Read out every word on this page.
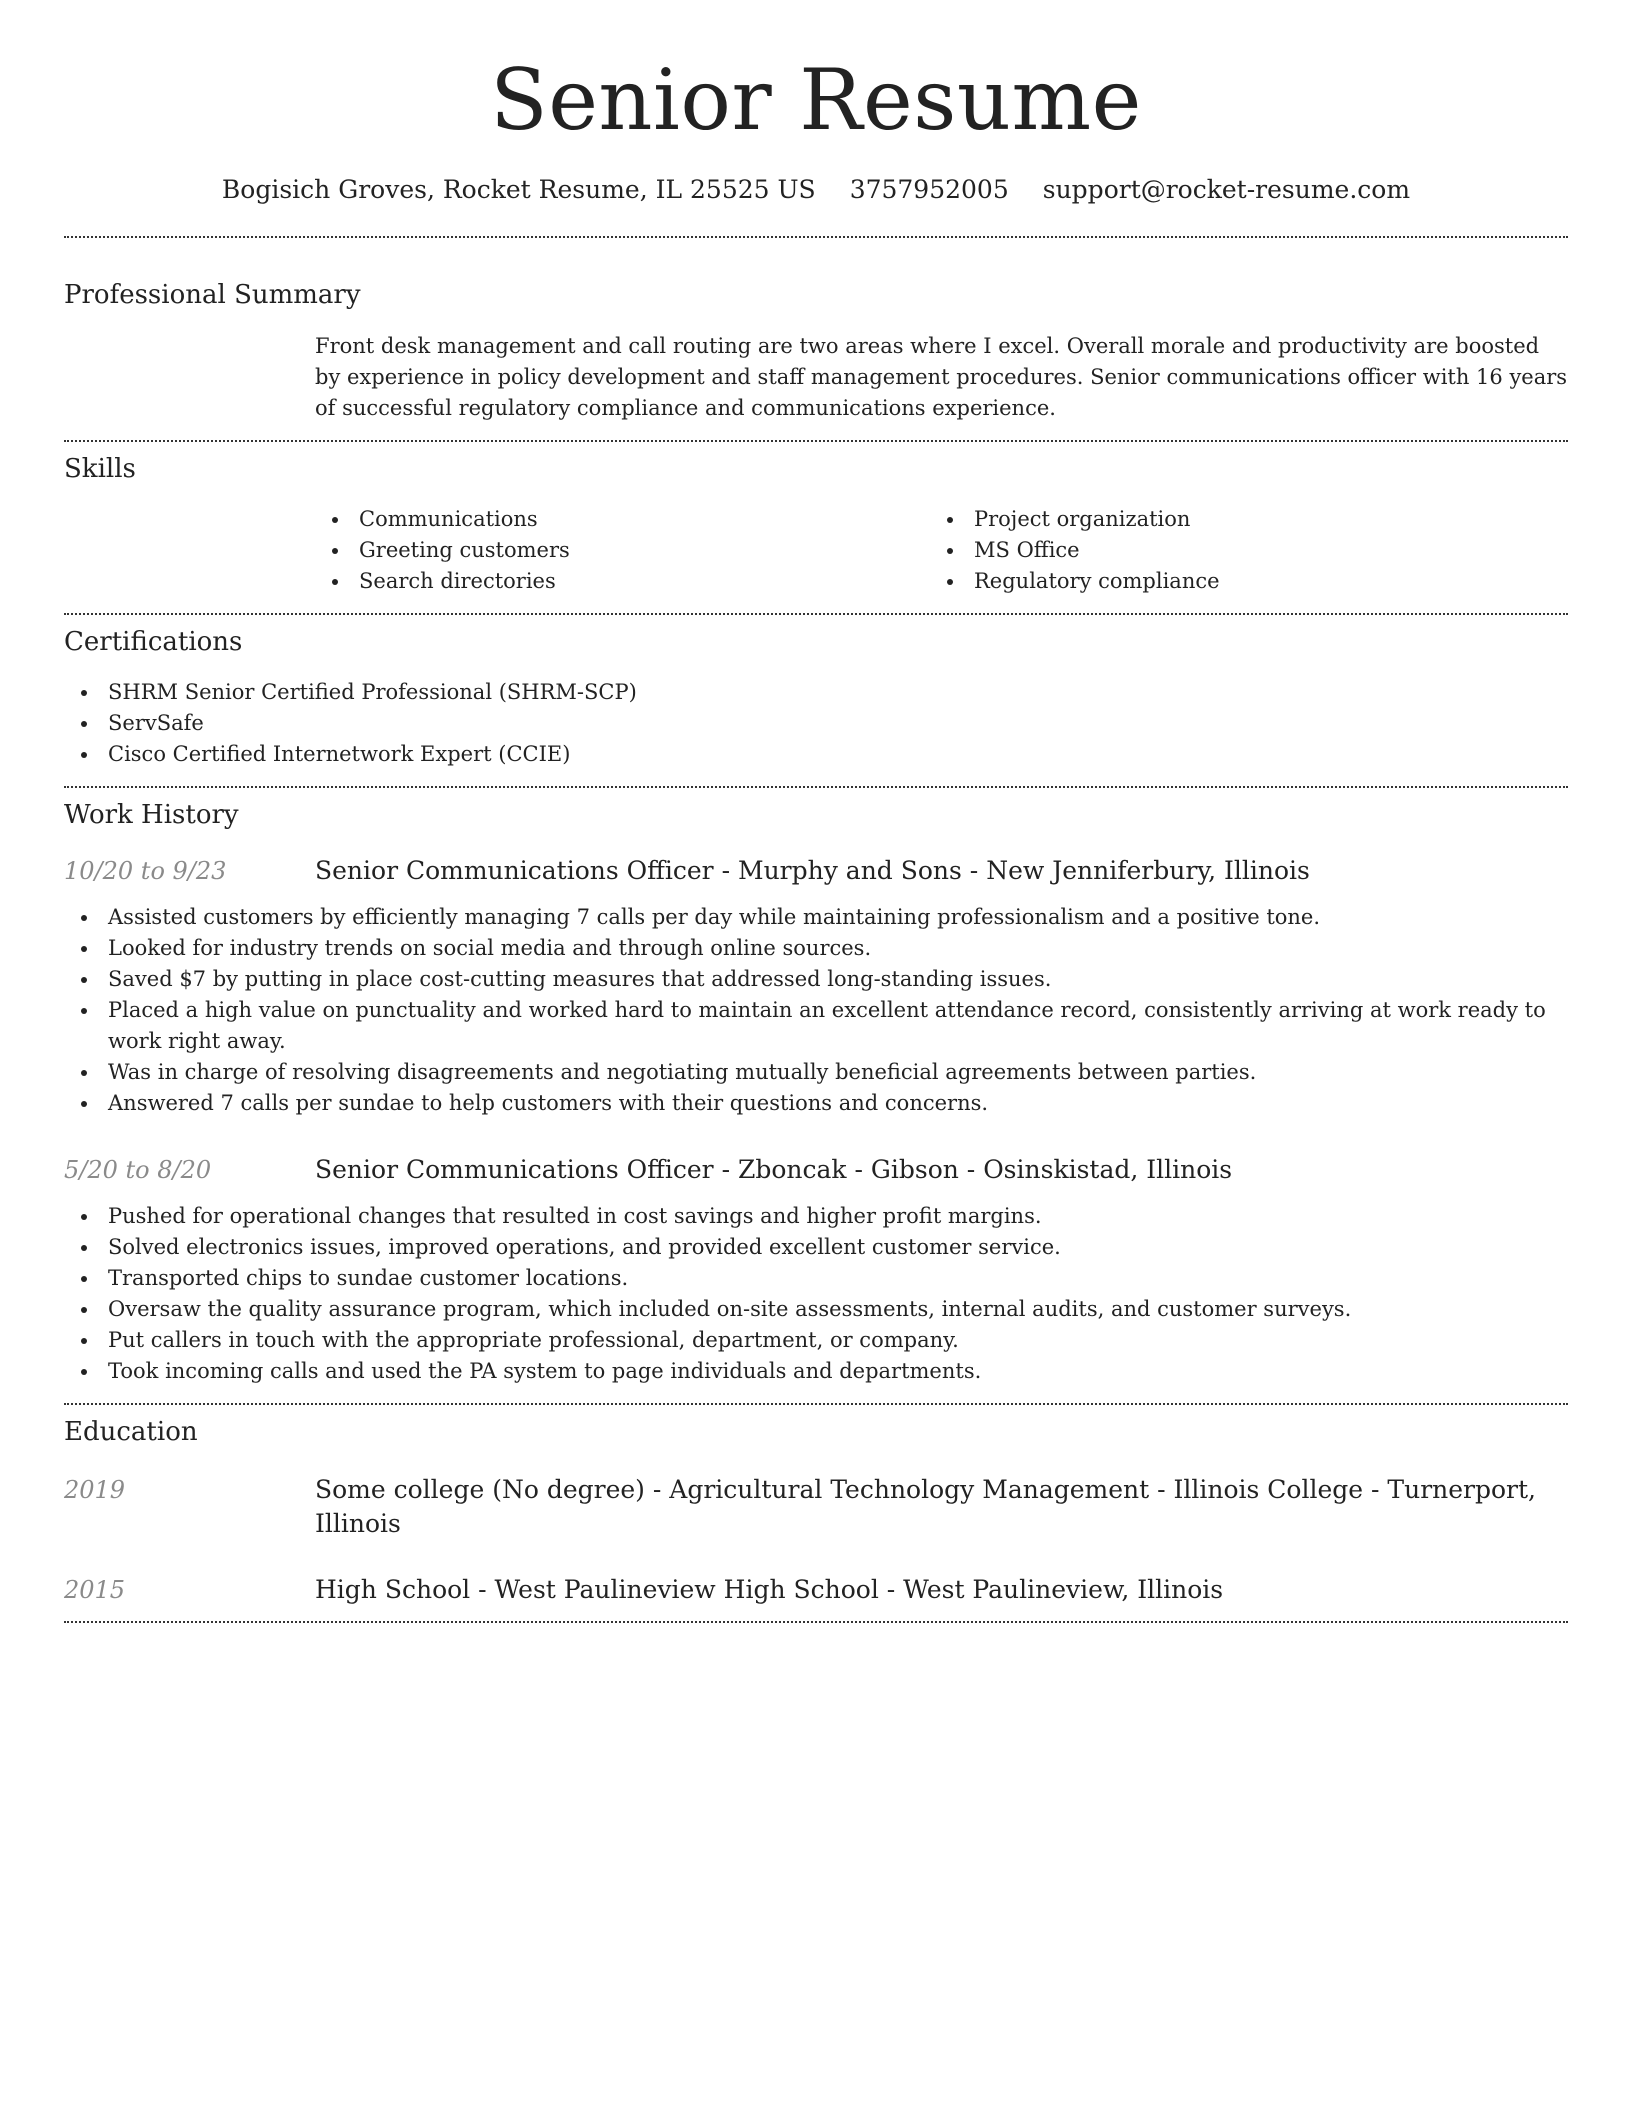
Senior Resume
Bogisich Groves, Rocket Resume, IL 25525 US 3757952005 support@rocket-resume.com
Professional Summary

Front desk management and call routing are two areas where I excel. Overall morale and productivity are boosted by experience in policy development and staff management procedures. Senior communications officer with 16 years of successful regulatory compliance and communications experience.

Skills
Communications
Greeting customers
Search directories
Project organization
MS Office
Regulatory compliance
Certifications
SHRM Senior Certified Professional (SHRM-SCP)
ServSafe
Cisco Certified Internetwork Expert (CCIE)
Work History
10/20 to 9/23	Senior Communications Officer - Murphy and Sons - New Jenniferbury, Illinois
Assisted customers by efficiently managing 7 calls per day while maintaining professionalism and a positive tone.
Looked for industry trends on social media and through online sources.
Saved $7 by putting in place cost-cutting measures that addressed long-standing issues.
Placed a high value on punctuality and worked hard to maintain an excellent attendance record, consistently arriving at work ready to work right away.
Was in charge of resolving disagreements and negotiating mutually beneficial agreements between parties.
Answered 7 calls per sundae to help customers with their questions and concerns.
5/20 to 8/20	Senior Communications Officer - Zboncak - Gibson - Osinskistad, Illinois
Pushed for operational changes that resulted in cost savings and higher profit margins.
Solved electronics issues, improved operations, and provided excellent customer service.
Transported chips to sundae customer locations.
Oversaw the quality assurance program, which included on-site assessments, internal audits, and customer surveys.
Put callers in touch with the appropriate professional, department, or company.
Took incoming calls and used the PA system to page individuals and departments.
Education
2019	Some college (No degree) - Agricultural Technology Management - Illinois College - Turnerport, Illinois
2015	High School - West Paulineview High School - West Paulineview, Illinois
